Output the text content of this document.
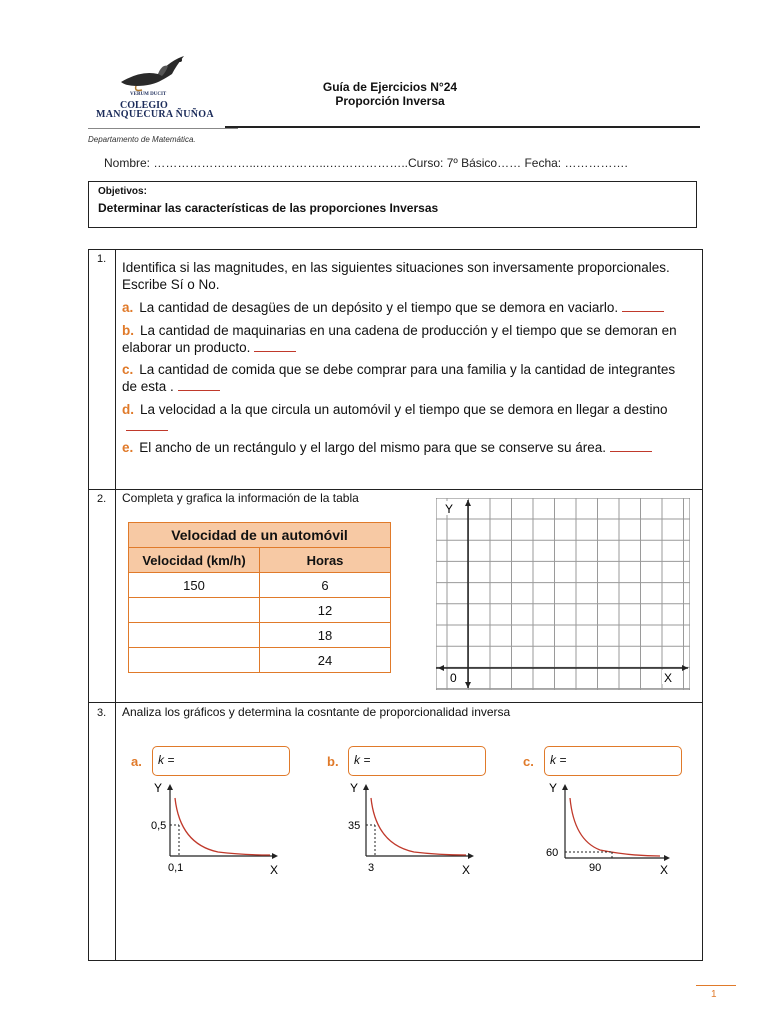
VERUM DUCIT
COLEGIO
MANQUECURA ÑUÑOA
Guía de Ejercicios N°24
Proporción Inversa
Departamento de Matemática.
Nombre: ……………………...……………...………………..Curso: 7º Básico…… Fecha: …………….
Objetivos:
Determinar las características de las proporciones Inversas
1.
Identifica si las magnitudes, en las siguientes situaciones son inversamente proporcionales. Escribe Sí o No.
a. La cantidad de desagües de un depósito y el tiempo que se demora en vaciarlo.
b. La cantidad de maquinarias en una cadena de producción y el tiempo que se demoran en elaborar un producto.
c. La cantidad de comida que se debe comprar para una familia y la cantidad de integrantes de esta .
d. La velocidad a la que circula un automóvil y el tiempo que se demora en llegar a destino
e. El ancho de un rectángulo y el largo del mismo para que se conserve su área.
2. Completa y grafica la información de la tabla
Velocidad de un automóvil	
Velocidad (km/h)	Horas
150	6
	12
	18
	24
Y
0	X
3. Analiza los gráficos y determina la cosntante de proporcionalidad inversa
a.	k =	b.	k =	c.	k =
Y
0,5
0,1	X
Y
35
3	X
Y
60
90	X
1
